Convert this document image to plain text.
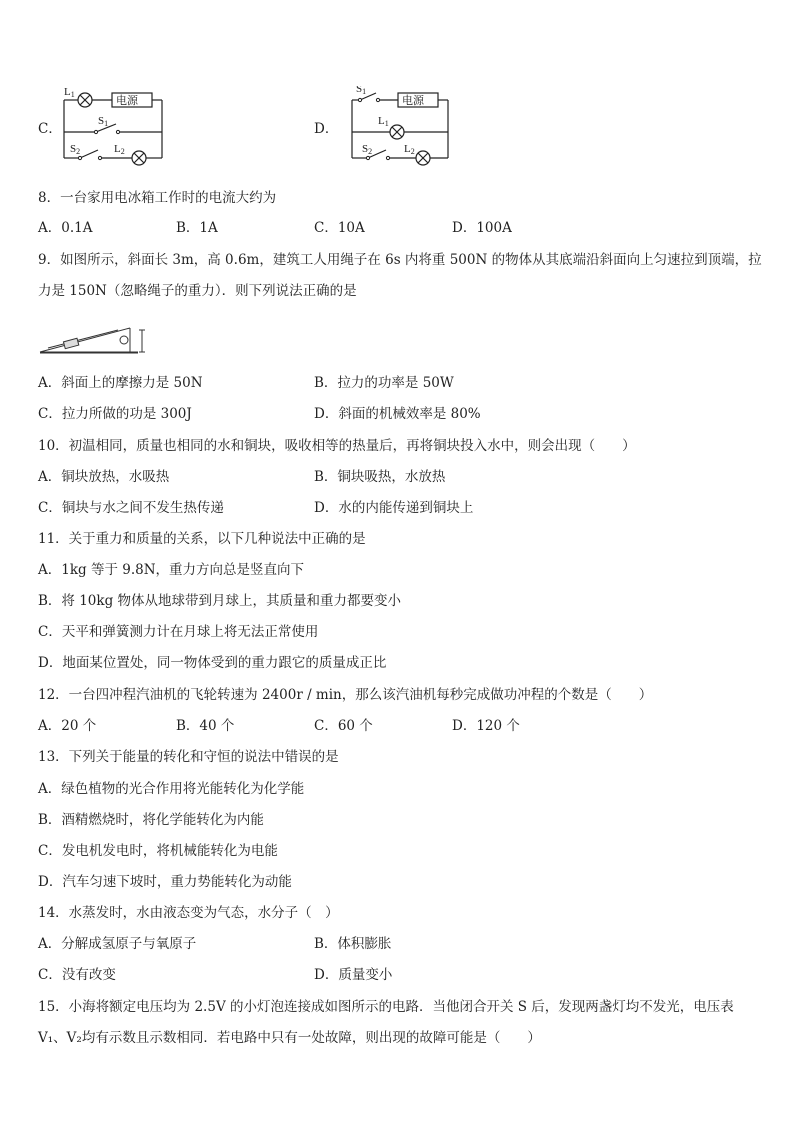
C．
电源
L1
S1
S2	L2
D．
电源
S1
L1
S2	L2
8．一台家用电冰箱工作时的电流大约为
A．0.1A	B．1A	C．10A	D．100A
9．如图所示，斜面长 3m，高 0.6m，建筑工人用绳子在 6s 内将重 500N 的物体从其底端沿斜面向上匀速拉到顶端，拉
力是 150N（忽略绳子的重力）．则下列说法正确的是
A．斜面上的摩擦力是 50N	B．拉力的功率是 50W
C．拉力所做的功是 300J	D．斜面的机械效率是 80%
10．初温相同，质量也相同的水和铜块，吸收相等的热量后，再将铜块投入水中，则会出现（　　）
A．铜块放热，水吸热	B．铜块吸热，水放热
C．铜块与水之间不发生热传递	D．水的内能传递到铜块上
11．关于重力和质量的关系，以下几种说法中正确的是
A．1kg 等于 9.8N，重力方向总是竖直向下
B．将 10kg 物体从地球带到月球上，其质量和重力都要变小
C．天平和弹簧测力计在月球上将无法正常使用
D．地面某位置处，同一物体受到的重力跟它的质量成正比
12．一台四冲程汽油机的飞轮转速为 2400r / min，那么该汽油机每秒完成做功冲程的个数是（　　）
A．20 个	B．40 个	C．60 个	D．120 个
13．下列关于能量的转化和守恒的说法中错误的是
A．绿色植物的光合作用将光能转化为化学能
B．酒精燃烧时，将化学能转化为内能
C．发电机发电时，将机械能转化为电能
D．汽车匀速下坡时，重力势能转化为动能
14．水蒸发时，水由液态变为气态，水分子（　）
A．分解成氢原子与氧原子	B．体积膨胀
C．没有改变	D．质量变小
15．小海将额定电压均为 2.5V 的小灯泡连接成如图所示的电路．当他闭合开关 S 后，发现两盏灯均不发光，电压表
V₁、V₂均有示数且示数相同．若电路中只有一处故障，则出现的故障可能是（　　）
